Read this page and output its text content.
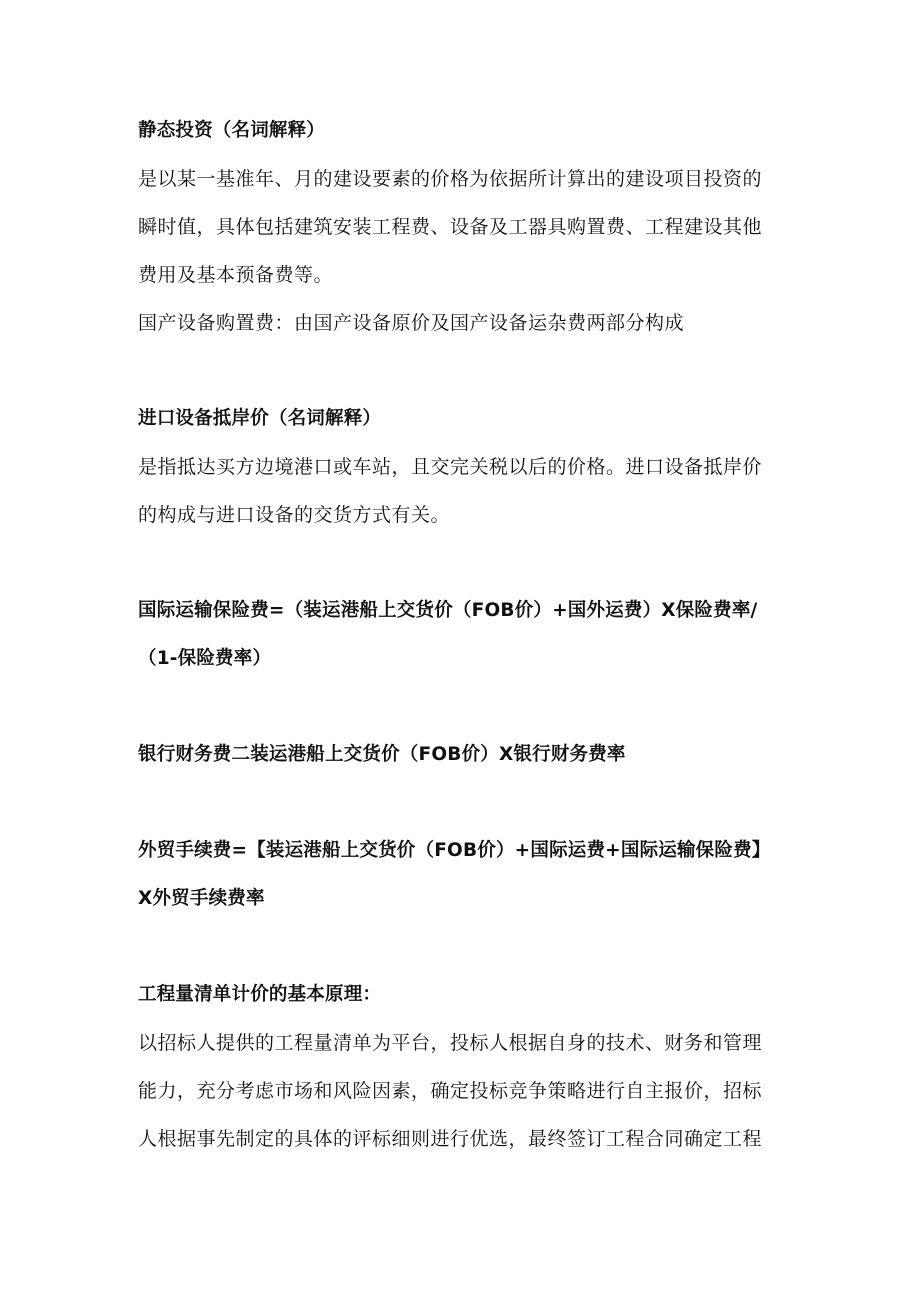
静态投资（名词解释）
是以某一基准年、月的建设要素的价格为依据所计算出的建设项目投资的
瞬时值，具体包括建筑安装工程费、设备及工器具购置费、工程建设其他
费用及基本预备费等。
国产设备购置费：由国产设备原价及国产设备运杂费两部分构成
进口设备抵岸价（名词解释）
是指抵达买方边境港口或车站，且交完关税以后的价格。进口设备抵岸价
的构成与进口设备的交货方式有关。
国际运输保险费=（装运港船上交货价（FOB价）+国外运费）X保险费率/
（1-保险费率）
银行财务费二装运港船上交货价（FOB价）X银行财务费率
外贸手续费=【装运港船上交货价（FOB价）+国际运费+国际运输保险费】
X外贸手续费率
工程量清单计价的基本原理：
以招标人提供的工程量清单为平台，投标人根据自身的技术、财务和管理
能力，充分考虑市场和风险因素，确定投标竞争策略进行自主报价，招标
人根据事先制定的具体的评标细则进行优选，最终签订工程合同确定工程
